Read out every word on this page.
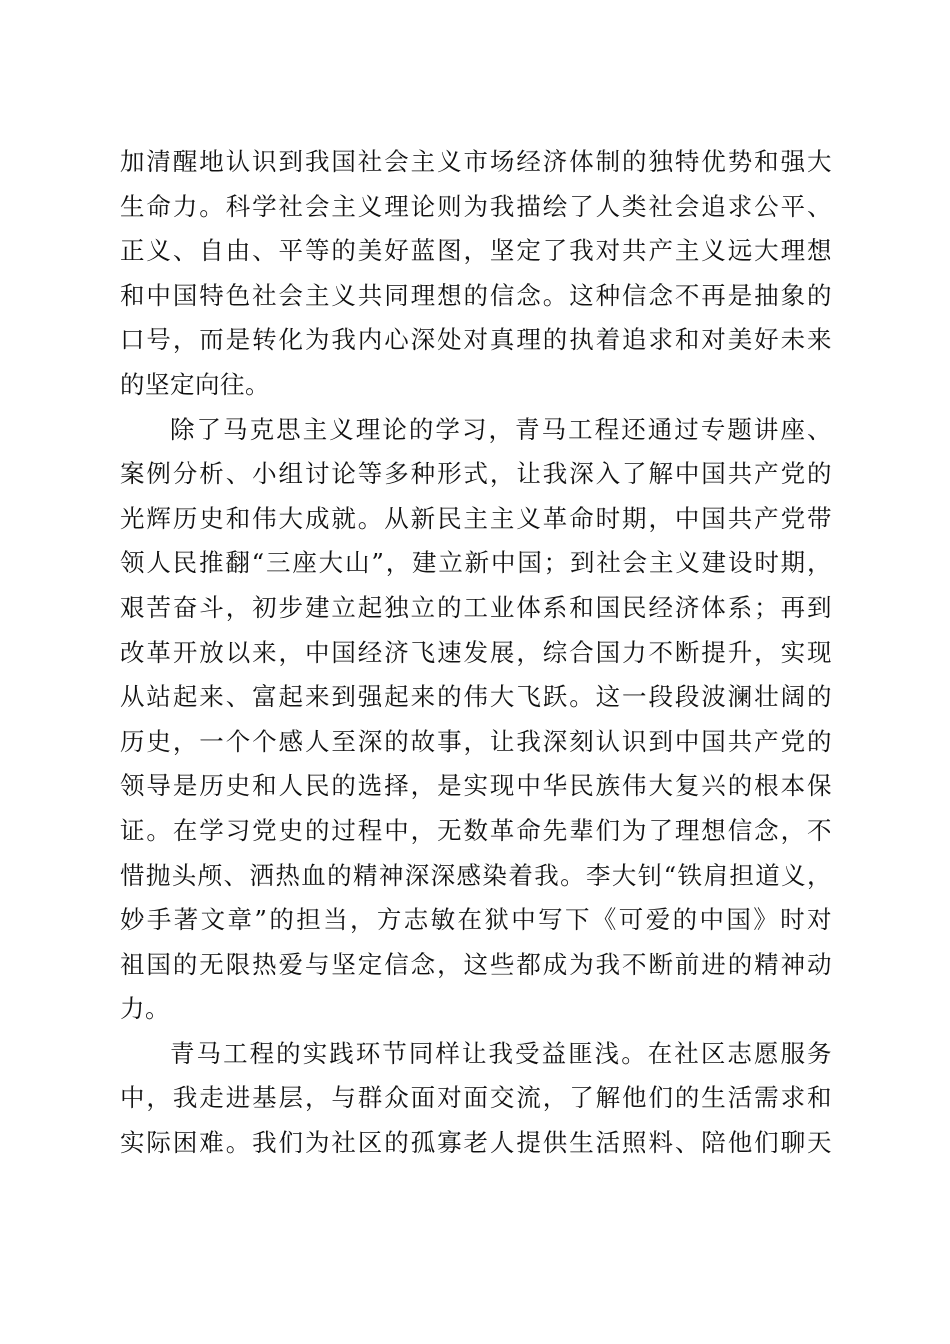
加清醒地认识到我国社会主义市场经济体制的独特优势和强大
生命力。科学社会主义理论则为我描绘了人类社会追求公平、
正义、自由、平等的美好蓝图，坚定了我对共产主义远大理想
和中国特色社会主义共同理想的信念。这种信念不再是抽象的
口号，而是转化为我内心深处对真理的执着追求和对美好未来
的坚定向往。
除了马克思主义理论的学习，青马工程还通过专题讲座、
案例分析、小组讨论等多种形式，让我深入了解中国共产党的
光辉历史和伟大成就。从新民主主义革命时期，中国共产党带
领人民推翻“三座大山”，建立新中国；到社会主义建设时期，
艰苦奋斗，初步建立起独立的工业体系和国民经济体系；再到
改革开放以来，中国经济飞速发展，综合国力不断提升，实现
从站起来、富起来到强起来的伟大飞跃。这一段段波澜壮阔的
历史，一个个感人至深的故事，让我深刻认识到中国共产党的
领导是历史和人民的选择，是实现中华民族伟大复兴的根本保
证。在学习党史的过程中，无数革命先辈们为了理想信念，不
惜抛头颅、洒热血的精神深深感染着我。李大钊“铁肩担道义，
妙手著文章”的担当，方志敏在狱中写下《可爱的中国》时对
祖国的无限热爱与坚定信念，这些都成为我不断前进的精神动
力。
青马工程的实践环节同样让我受益匪浅。在社区志愿服务
中，我走进基层，与群众面对面交流，了解他们的生活需求和
实际困难。我们为社区的孤寡老人提供生活照料、陪他们聊天
